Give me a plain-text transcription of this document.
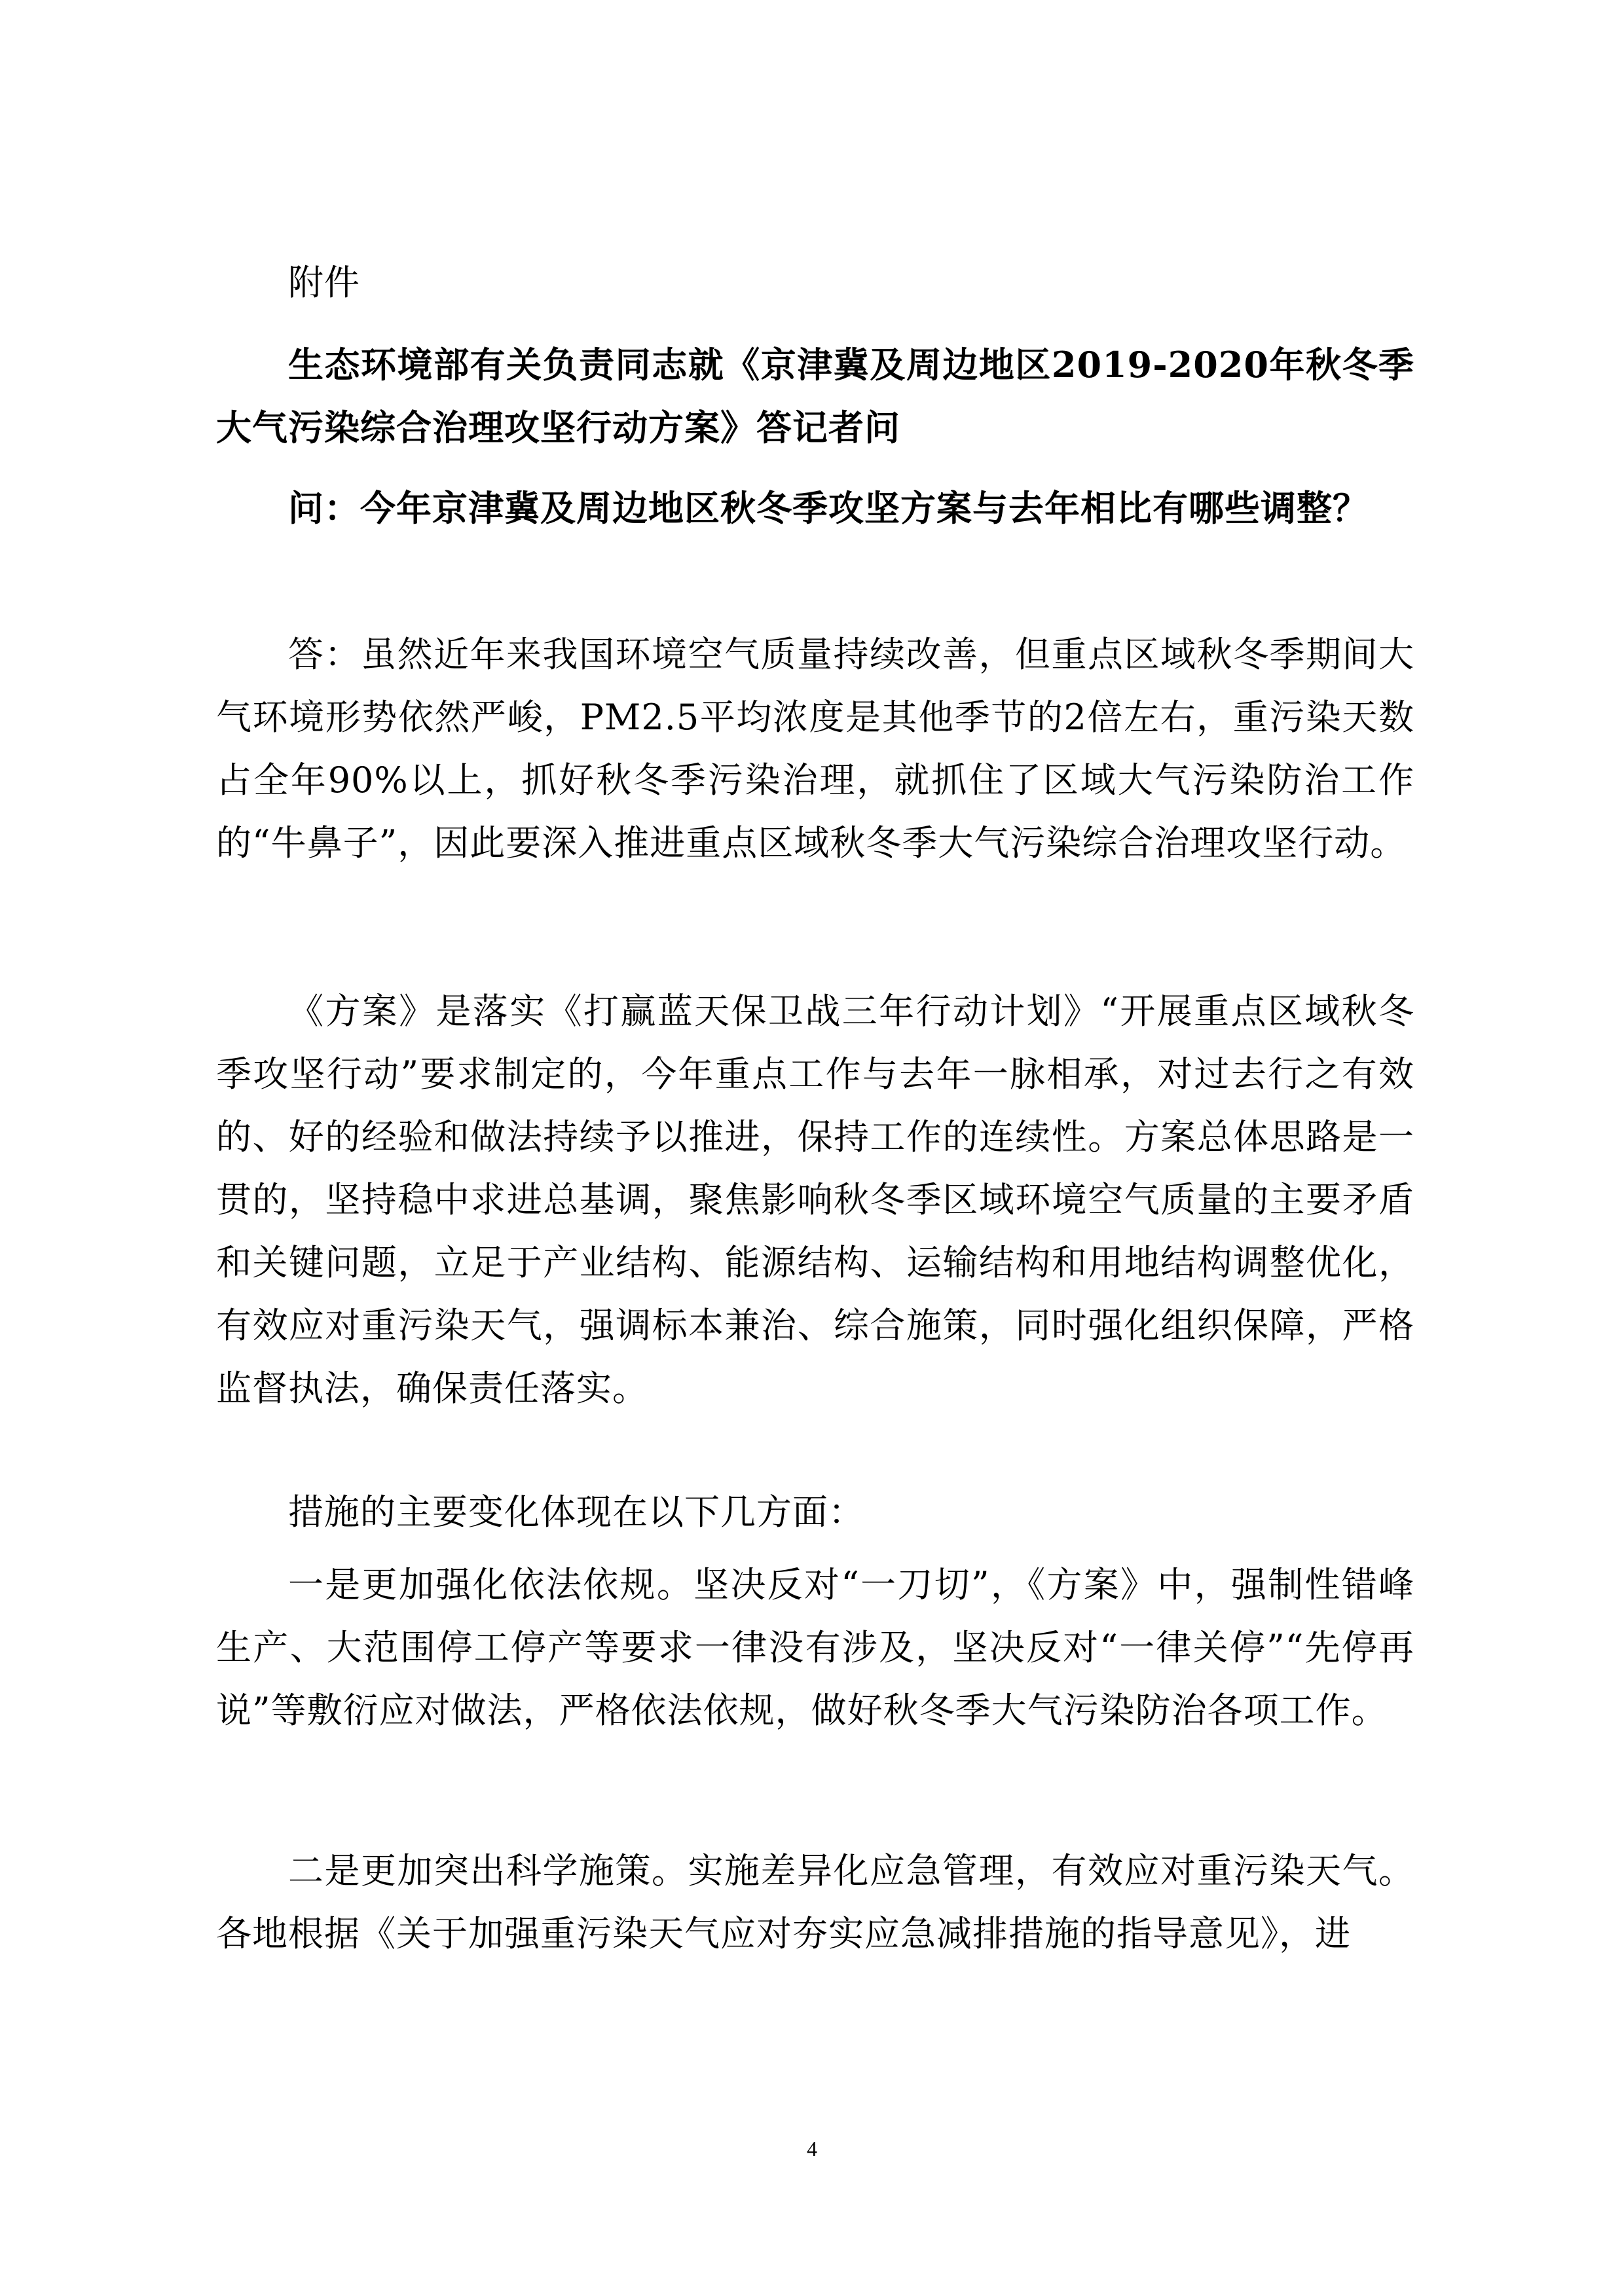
附件

生态环境部有关负责同志就《京津冀及周边地区2019-2020年秋冬季大气污染综合治理攻坚行动方案》答记者问

问：今年京津冀及周边地区秋冬季攻坚方案与去年相比有哪些调整？

答：虽然近年来我国环境空气质量持续改善，但重点区域秋冬季期间大气环境形势依然严峻，PM2.5平均浓度是其他季节的2倍左右，重污染天数占全年90%以上，抓好秋冬季污染治理，就抓住了区域大气污染防治工作的“牛鼻子”，因此要深入推进重点区域秋冬季大气污染综合治理攻坚行动。

《方案》是落实《打赢蓝天保卫战三年行动计划》“开展重点区域秋冬季攻坚行动”要求制定的，今年重点工作与去年一脉相承，对过去行之有效的、好的经验和做法持续予以推进，保持工作的连续性。方案总体思路是一贯的，坚持稳中求进总基调，聚焦影响秋冬季区域环境空气质量的主要矛盾和关键问题，立足于产业结构、能源结构、运输结构和用地结构调整优化，有效应对重污染天气，强调标本兼治、综合施策，同时强化组织保障，严格监督执法，确保责任落实。

措施的主要变化体现在以下几方面：

一是更加强化依法依规。坚决反对“一刀切”，《方案》中，强制性错峰生产、大范围停工停产等要求一律没有涉及，坚决反对“一律关停”“先停再说”等敷衍应对做法，严格依法依规，做好秋冬季大气污染防治各项工作。

二是更加突出科学施策。实施差异化应急管理，有效应对重污染天气。各地根据《关于加强重污染天气应对夯实应急减排措施的指导意见》，进

4
